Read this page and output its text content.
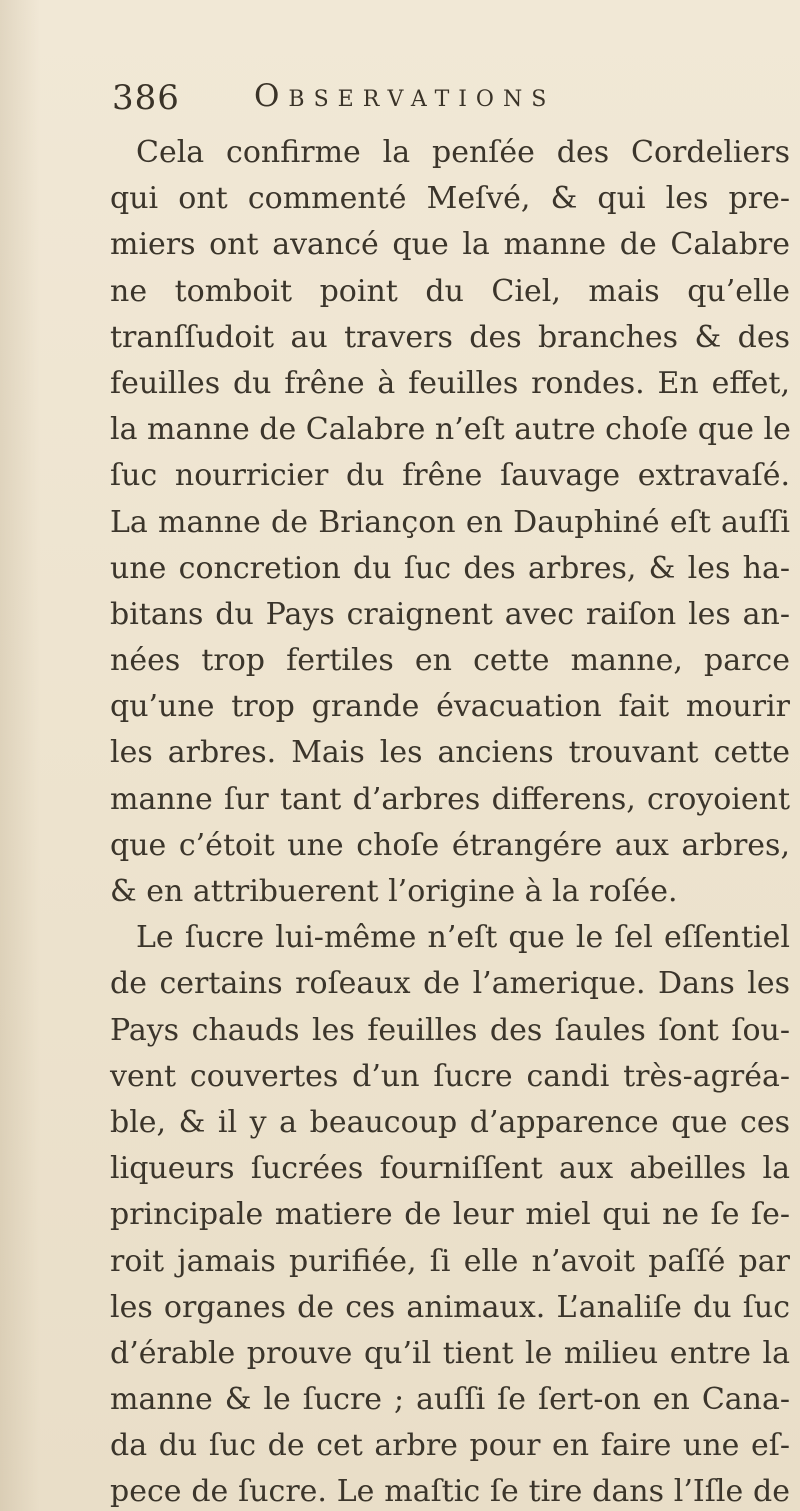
386 Observations
Cela confirme la penſée des Cordeliers
qui ont commenté Meſvé, & qui les pre-
miers ont avancé que la manne de Calabre
ne tomboit point du Ciel, mais qu’elle
tranſſudoit au travers des branches & des
feuilles du frêne à feuilles rondes. En effet,
la manne de Calabre n’eſt autre choſe que le
ſuc nourricier du frêne ſauvage extravaſé.
La manne de Briançon en Dauphiné eſt auſſi
une concretion du ſuc des arbres, & les ha-
bitans du Pays craignent avec raiſon les an-
nées trop fertiles en cette manne, parce
qu’une trop grande évacuation fait mourir
les arbres. Mais les anciens trouvant cette
manne ſur tant d’arbres differens, croyoient
que c’étoit une choſe étrangére aux arbres,
& en attribuerent l’origine à la roſée.
Le ſucre lui-même n’eſt que le ſel eſſentiel
de certains roſeaux de l’amerique. Dans les
Pays chauds les feuilles des ſaules ſont ſou-
vent couvertes d’un ſucre candi très-agréa-
ble, & il y a beaucoup d’apparence que ces
liqueurs ſucrées fourniſſent aux abeilles la
principale matiere de leur miel qui ne ſe ſe-
roit jamais purifiée, ſi elle n’avoit paſſé par
les organes de ces animaux. L’analiſe du ſuc
d’érable prouve qu’il tient le milieu entre la
manne & le ſucre ; auſſi ſe ſert-on en Cana-
da du ſuc de cet arbre pour en faire une eſ-
pece de ſucre. Le maſtic ſe tire dans l’Iſle de
